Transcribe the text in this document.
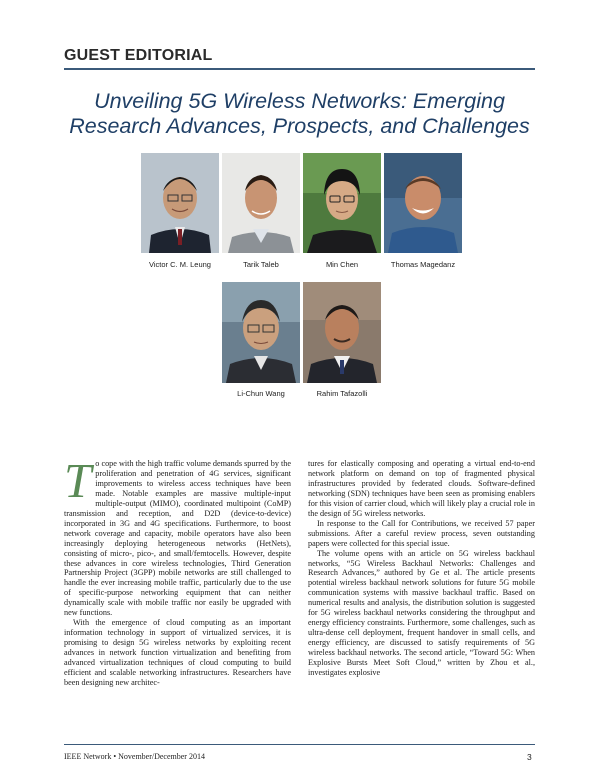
GUEST EDITORIAL
Unveiling 5G Wireless Networks: Emerging
Research Advances, Prospects, and Challenges
Victor C. M. Leung	Tarik Taleb	Min Chen	Thomas Magedanz
Li-Chun Wang	Rahim Tafazolli

To cope with the high traffic volume demands spurred by the proliferation and penetration of 4G services, significant improvements to wireless access techniques have been made. Notable examples are massive multiple-input multiple-output (MIMO), coordinated multipoint (CoMP) transmission and reception, and D2D (device-to-device) incorporated in 3G and 4G specifications. Furthermore, to boost network coverage and capacity, mobile operators have also been increasingly deploying heterogeneous networks (HetNets), consisting of micro-, pico-, and small/femtocells. However, despite these advances in core wireless technologies, Third Generation Partnership Project (3GPP) mobile networks are still challenged to handle the ever increasing mobile traffic, particularly due to the use of specific-purpose networking equipment that can neither dynamically scale with mobile traffic nor easily be upgraded with new functions.

With the emergence of cloud computing as an important information technology in support of virtualized services, it is promising to design 5G wireless networks by exploiting recent advances in network function virtualization and benefiting from advanced virtualization techniques of cloud computing to build efficient and scalable networking infrastructures. Researchers have been designing new architec-

tures for elastically composing and operating a virtual end-to-end network platform on demand on top of fragmented physical infrastructures provided by federated clouds. Software-defined networking (SDN) techniques have been seen as promising enablers for this vision of carrier cloud, which will likely play a crucial role in the design of 5G wireless networks.

In response to the Call for Contributions, we received 57 paper submissions. After a careful review process, seven outstanding papers were collected for this special issue.

The volume opens with an article on 5G wireless backhaul networks, “5G Wireless Backhaul Networks: Challenges and Research Advances,” authored by Ge et al. The article presents potential wireless backhaul network solutions for future 5G mobile communication systems with massive backhaul traffic. Based on numerical results and analysis, the distribution solution is suggested for 5G wireless backhaul networks considering the throughput and energy efficiency constraints. Furthermore, some challenges, such as ultra-dense cell deployment, frequent handover in small cells, and energy efficiency, are discussed to satisfy requirements of 5G wireless backhaul networks. The second article, “Toward 5G: When Explosive Bursts Meet Soft Cloud,” written by Zhou et al., investigates explosive

IEEE Network • November/December 2014	3
